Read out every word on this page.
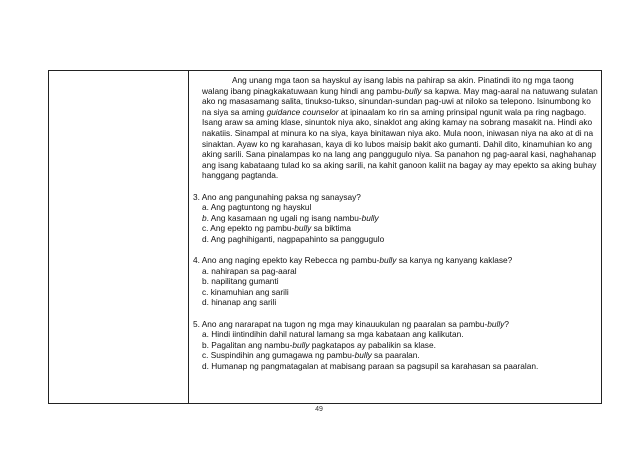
Ang unang mga taon sa hayskul ay isang labis na pahirap sa akin. Pinatindi ito ng mga taong walang ibang pinagkakatuwaan kung hindi ang pambu-bully sa kapwa. May mag-aaral na natuwang sulatan ako ng masasamang salita, tinukso-tukso, sinundan-sundan pag-uwi at niloko sa telepono. Isinumbong ko na siya sa aming guidance counselor at ipinaalam ko rin sa aming prinsipal ngunit wala pa ring nagbago. Isang araw sa aming klase, sinuntok niya ako, sinaklot ang aking kamay na sobrang masakit na. Hindi ako nakatiis. Sinampal at minura ko na siya, kaya binitawan niya ako. Mula noon, iniwasan niya na ako at di na sinaktan. Ayaw ko ng karahasan, kaya di ko lubos maisip bakit ako gumanti. Dahil dito, kinamuhian ko ang aking sarili. Sana pinalampas ko na lang ang panggugulo niya. Sa panahon ng pag-aaral kasi, naghahanap ang isang kabataang tulad ko sa aking sarili, na kahit ganoon kaliit na bagay ay may epekto sa aking buhay hanggang pagtanda.

3. Ano ang pangunahing paksa ng sanaysay?

a. Ang pagtuntong ng hayskul
b. Ang kasamaan ng ugali ng isang nambu-bully
c. Ang epekto ng pambu-bully sa biktima
d. Ang paghihiganti, nagpapahinto sa panggugulo

4. Ano ang naging epekto kay Rebecca ng pambu-bully sa kanya ng kanyang kaklase?

a. nahirapan sa pag-aaral
b. napilitang gumanti
c. kinamuhian ang sarili
d. hinanap ang sarili

5. Ano ang nararapat na tugon ng mga may kinauukulan ng paaralan sa pambu-bully?

a. Hindi iintindihin dahil natural lamang sa mga kabataan ang kalikutan.
b. Pagalitan ang nambu-bully pagkatapos ay pabalikin sa klase.
c. Suspindihin ang gumagawa ng pambu-bully sa paaralan.
d. Humanap ng pangmatagalan at mabisang paraan sa pagsupil sa karahasan sa paaralan.
49
